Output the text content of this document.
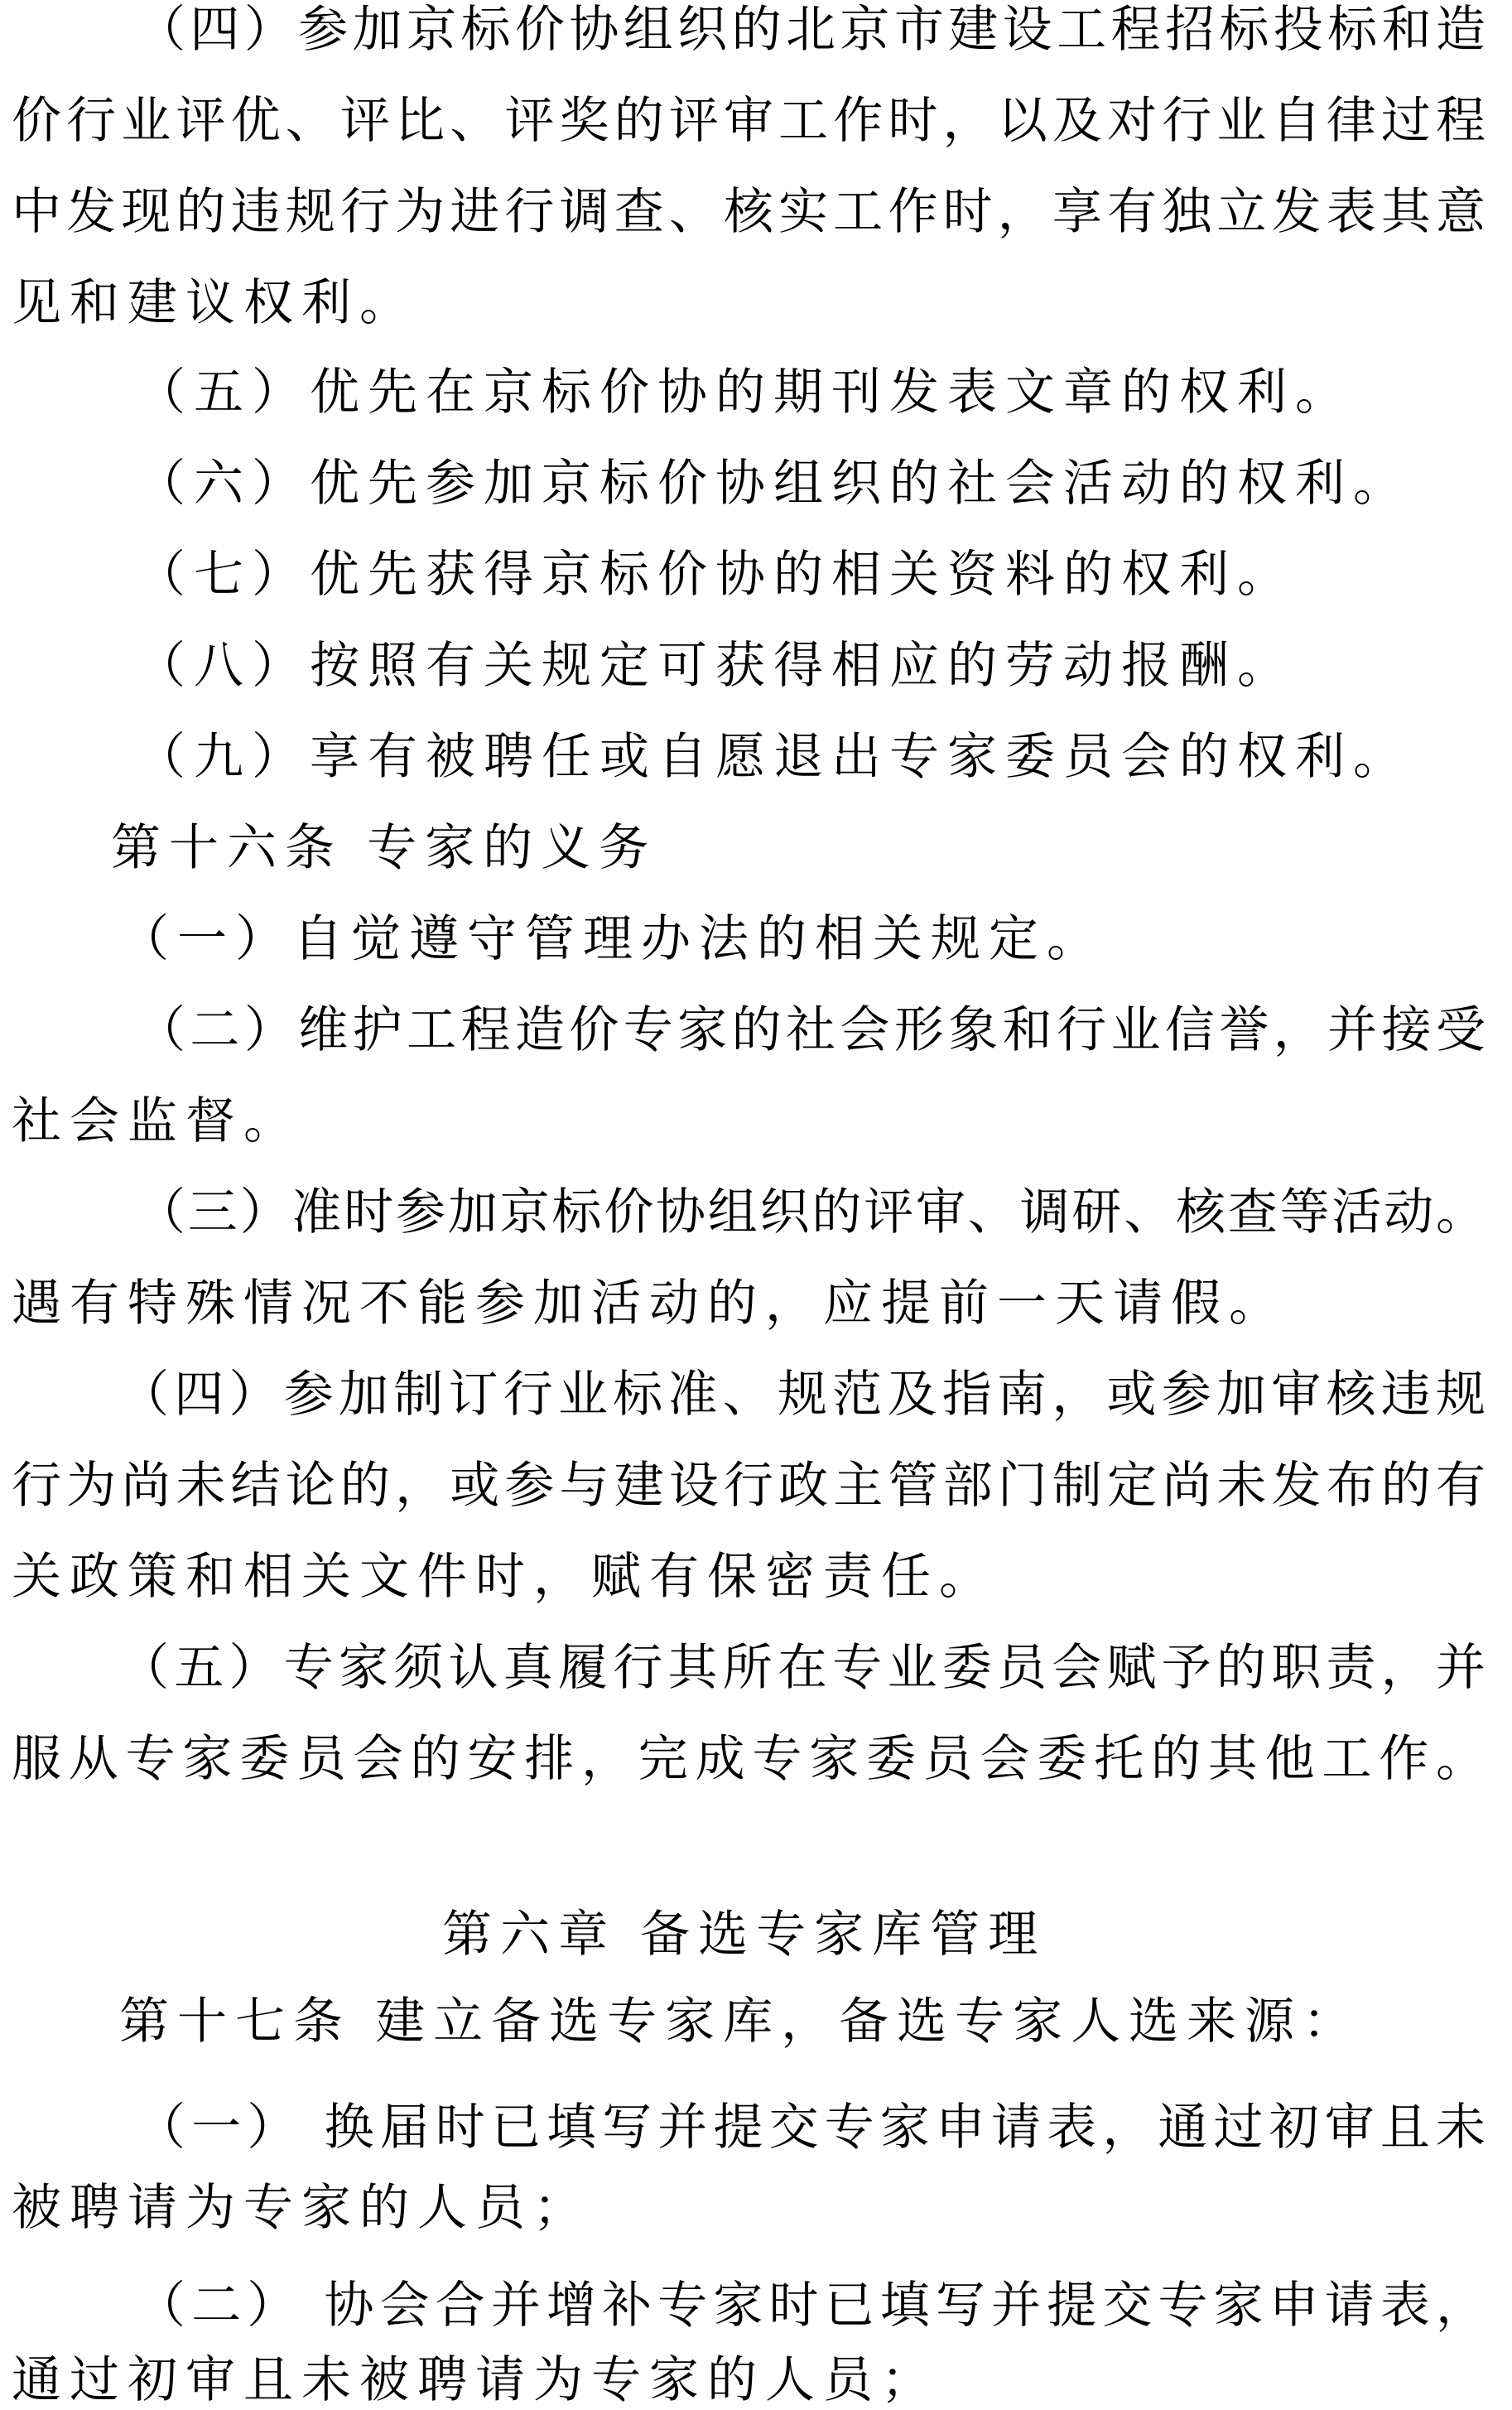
（四）参加京标价协组织的北京市建设工程招标投标和造
价行业评优、评比、评奖的评审工作时，以及对行业自律过程
中发现的违规行为进行调查、核实工作时，享有独立发表其意
见和建议权利。
（五）优先在京标价协的期刊发表文章的权利。
（六）优先参加京标价协组织的社会活动的权利。
（七）优先获得京标价协的相关资料的权利。
（八）按照有关规定可获得相应的劳动报酬。
（九）享有被聘任或自愿退出专家委员会的权利。
第十六条 专家的义务
（一）自觉遵守管理办法的相关规定。
（二）维护工程造价专家的社会形象和行业信誉，并接受
社会监督。
（三）准时参加京标价协组织的评审、调研、核查等活动。
遇有特殊情况不能参加活动的，应提前一天请假。
（四）参加制订行业标准、规范及指南，或参加审核违规
行为尚未结论的，或参与建设行政主管部门制定尚未发布的有
关政策和相关文件时，赋有保密责任。
（五）专家须认真履行其所在专业委员会赋予的职责，并
服从专家委员会的安排，完成专家委员会委托的其他工作。
第六章 备选专家库管理
第十七条 建立备选专家库，备选专家人选来源：
（一） 换届时已填写并提交专家申请表，通过初审且未
被聘请为专家的人员；
（二） 协会合并增补专家时已填写并提交专家申请表，
通过初审且未被聘请为专家的人员；
